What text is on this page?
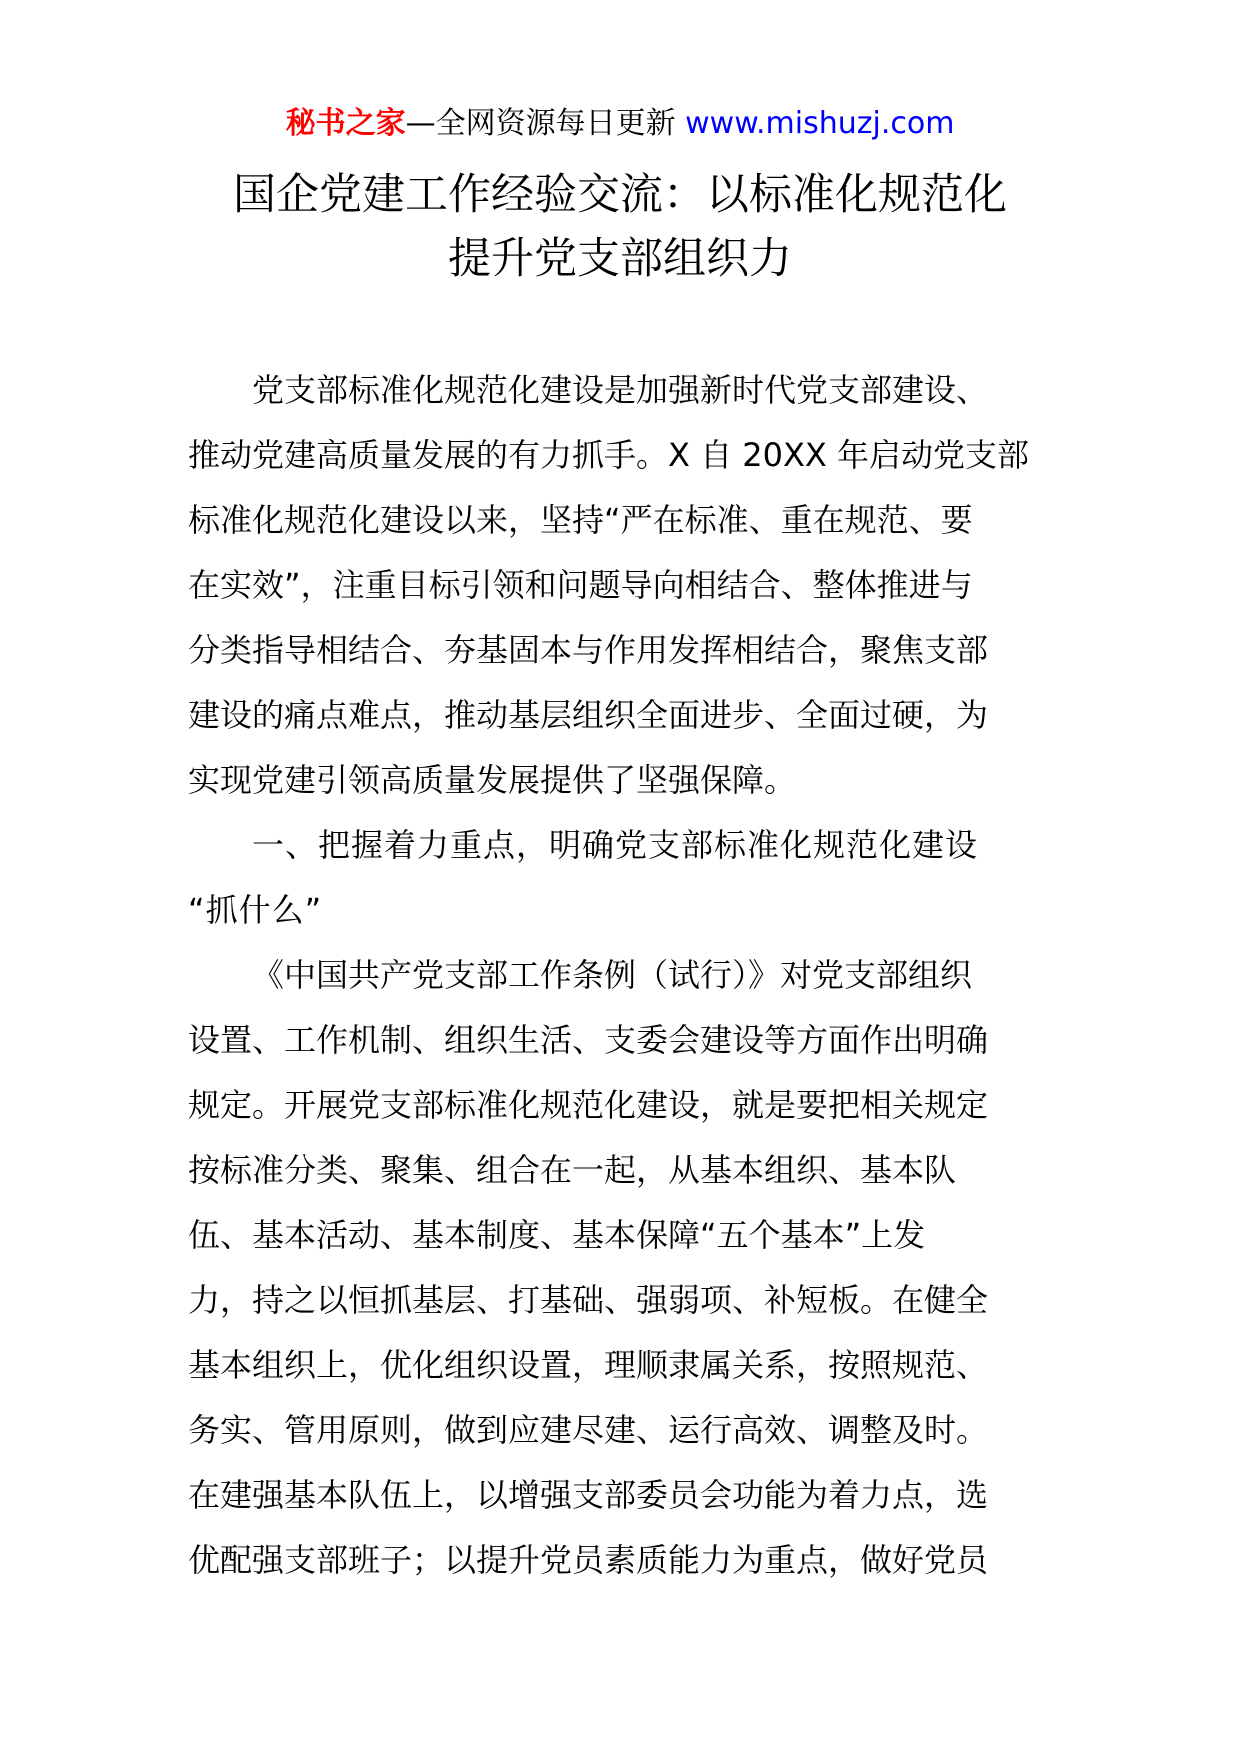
秘书之家—全网资源每日更新 www.mishuzj.com
国企党建工作经验交流：以标准化规范化
提升党支部组织力
党支部标准化规范化建设是加强新时代党支部建设、
推动党建高质量发展的有力抓手。X 自 20XX 年启动党支部
标准化规范化建设以来，坚持“严在标准、重在规范、要
在实效”，注重目标引领和问题导向相结合、整体推进与
分类指导相结合、夯基固本与作用发挥相结合，聚焦支部
建设的痛点难点，推动基层组织全面进步、全面过硬，为
实现党建引领高质量发展提供了坚强保障。
一、把握着力重点，明确党支部标准化规范化建设
“抓什么”
《中国共产党支部工作条例（试行）》对党支部组织
设置、工作机制、组织生活、支委会建设等方面作出明确
规定。开展党支部标准化规范化建设，就是要把相关规定
按标准分类、聚集、组合在一起，从基本组织、基本队
伍、基本活动、基本制度、基本保障“五个基本”上发
力，持之以恒抓基层、打基础、强弱项、补短板。在健全
基本组织上，优化组织设置，理顺隶属关系，按照规范、
务实、管用原则，做到应建尽建、运行高效、调整及时。
在建强基本队伍上，以增强支部委员会功能为着力点，选
优配强支部班子；以提升党员素质能力为重点，做好党员
